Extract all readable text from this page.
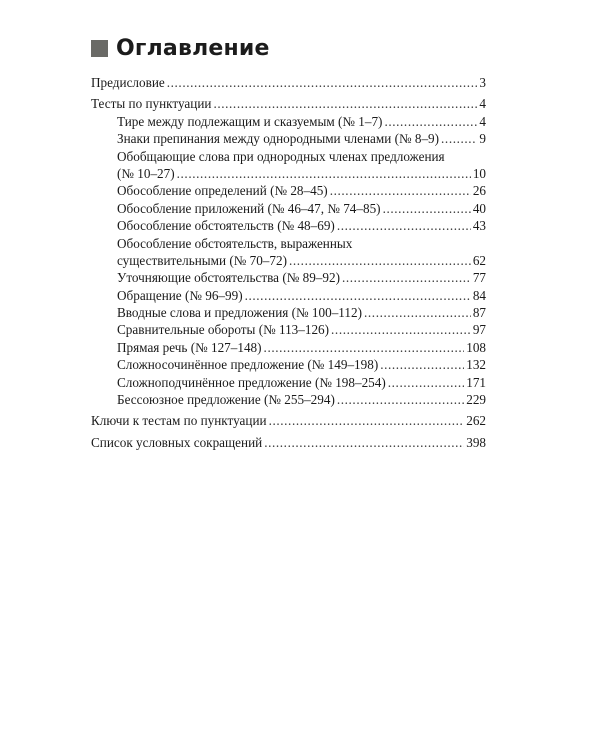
Оглавление
Предисловие .....	3
Тесты по пунктуации .....	4
Тире между подлежащим и сказуемым (№ 1–7) .....	4
Знаки препинания между однородными членами (№ 8–9) .....	9
Обобщающие слова при однородных членах предложения
(№ 10–27) .....	10
Обособление определений (№ 28–45) .....	26
Обособление приложений (№ 46–47, № 74–85) .....	40
Обособление обстоятельств (№ 48–69) .....	43
Обособление обстоятельств, выраженных
существительными (№ 70–72) .....	62
Уточняющие обстоятельства (№ 89–92) .....	77
Обращение (№ 96–99) .....	84
Вводные слова и предложения (№ 100–112) .....	87
Сравнительные обороты (№ 113–126) .....	97
Прямая речь (№ 127–148) .....	108
Сложносочинённое предложение (№ 149–198) .....	132
Сложноподчинённое предложение (№ 198–254) .....	171
Бессоюзное предложение (№ 255–294) .....	229
Ключи к тестам по пунктуации .....	262
Список условных сокращений .....	398
